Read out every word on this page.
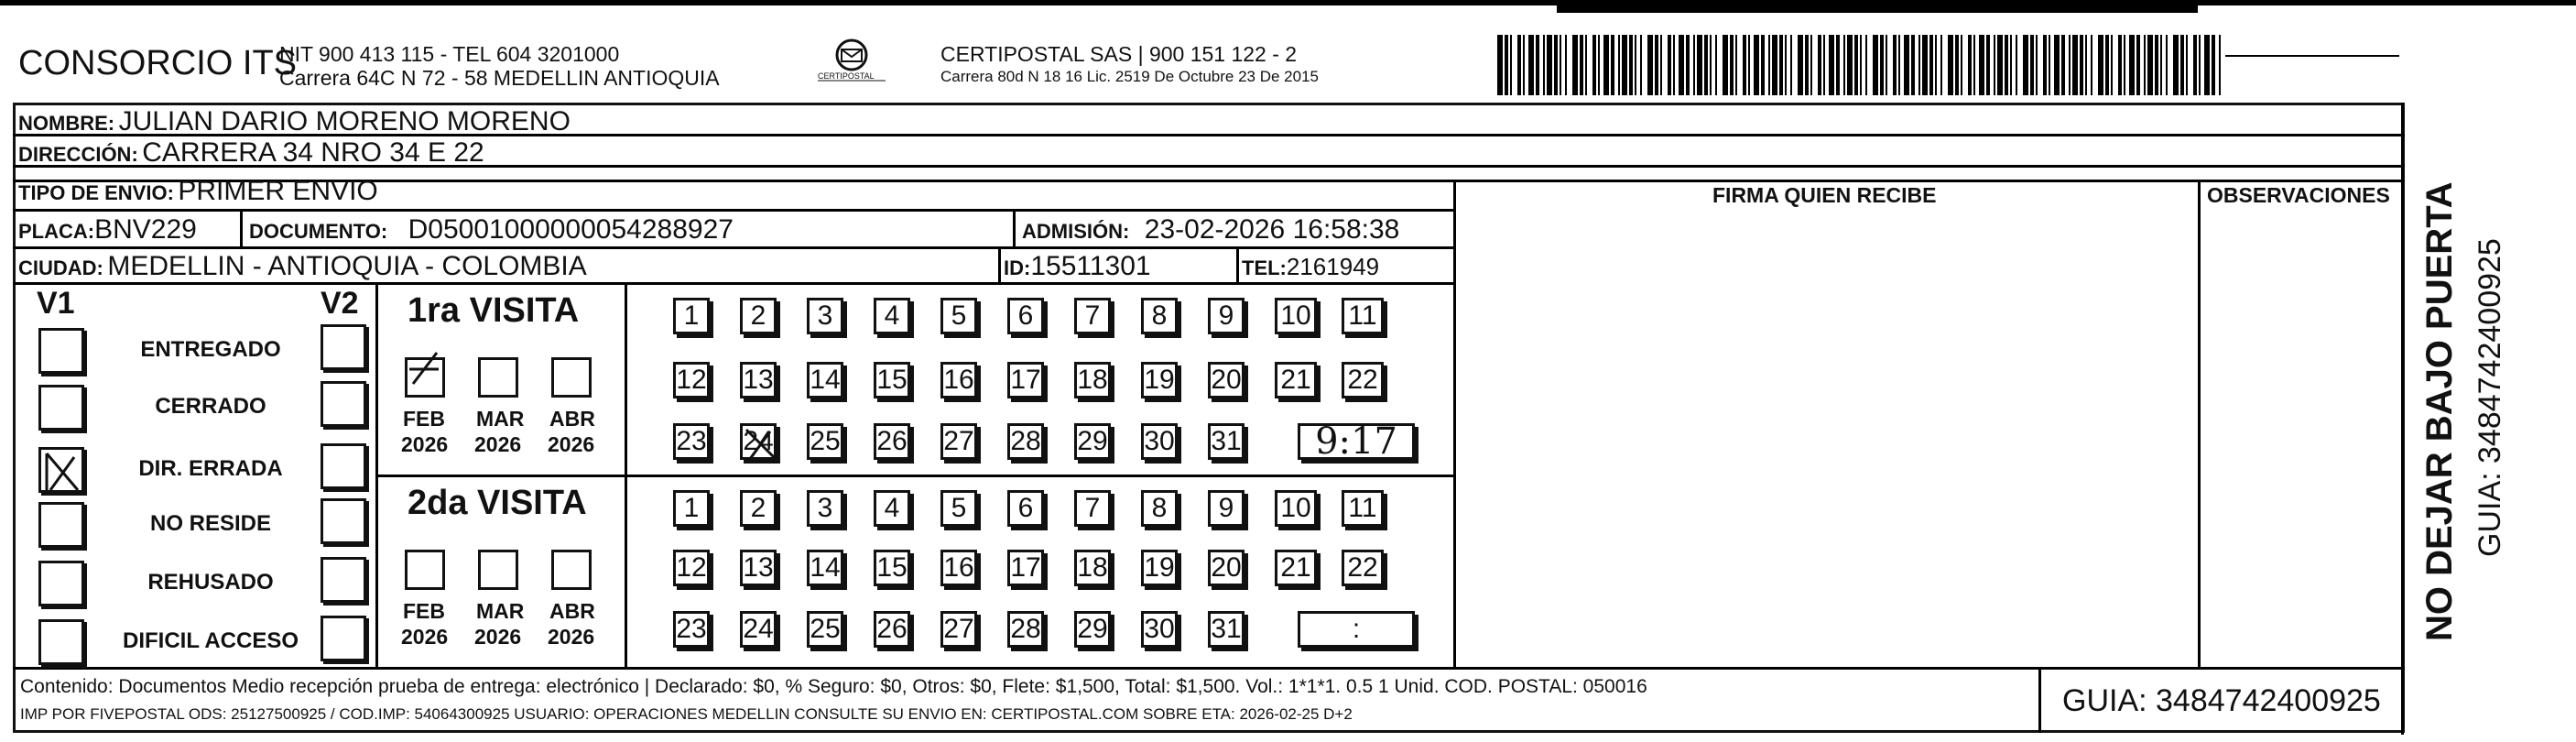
CONSORCIO ITS
NIT 900 413 115 - TEL 604 3201000
Carrera 64C N 72 - 58 MEDELLIN ANTIOQUIA	CERTIPOSTAL
CERTIPOSTAL SAS | 900 151 122 - 2
Carrera 80d N 18 16 Lic. 2519 De Octubre 23 De 2015
NOMBRE: JULIAN DARIO MORENO MORENO
DIRECCIÓN: CARRERA 34 NRO 34 E 22
TIPO DE ENVIO: PRIMER ENVIO	FIRMA QUIEN RECIBE	OBSERVACIONES
PLACA:BNV229	DOCUMENTO: D05001000000054288927	ADMISIÓN: 23-02-2026 16:58:38
CIUDAD: MEDELLIN - ANTIOQUIA - COLOMBIA	ID:15511301	TEL:2161949
V1	V2
ENTREGADO
CERRADO
DIR. ERRADA
NO RESIDE
REHUSADO
DIFICIL ACCESO
1ra VISITA
FEB
2026
MAR
2026
ABR
2026
1 2 3 4 5 6 7 8 9 10 11
12 13 14 15 16 17 18 19 20 21 22
23 24 25 26 27 28 29 30 31 9:17
2da VISITA
FEB
2026
MAR
2026
ABR
2026
1 2 3 4 5 6 7 8 9 10 11
12 13 14 15 16 17 18 19 20 21 22
23 24 25 26 27 28 29 30 31	:	NO DEJAR BAJO PUERTA GUIA: 3484742400925
Contenido: Documentos Medio recepción prueba de entrega: electrónico | Declarado: $0, % Seguro: $0, Otros: $0, Flete: $1,500, Total: $1,500. Vol.: 1*1*1. 0.5 1 Unid. COD. POSTAL: 050016
IMP POR FIVEPOSTAL ODS: 25127500925 / COD.IMP: 54064300925 USUARIO: OPERACIONES MEDELLIN CONSULTE SU ENVIO EN: CERTIPOSTAL.COM SOBRE ETA: 2026-02-25 D+2	GUIA: 3484742400925
